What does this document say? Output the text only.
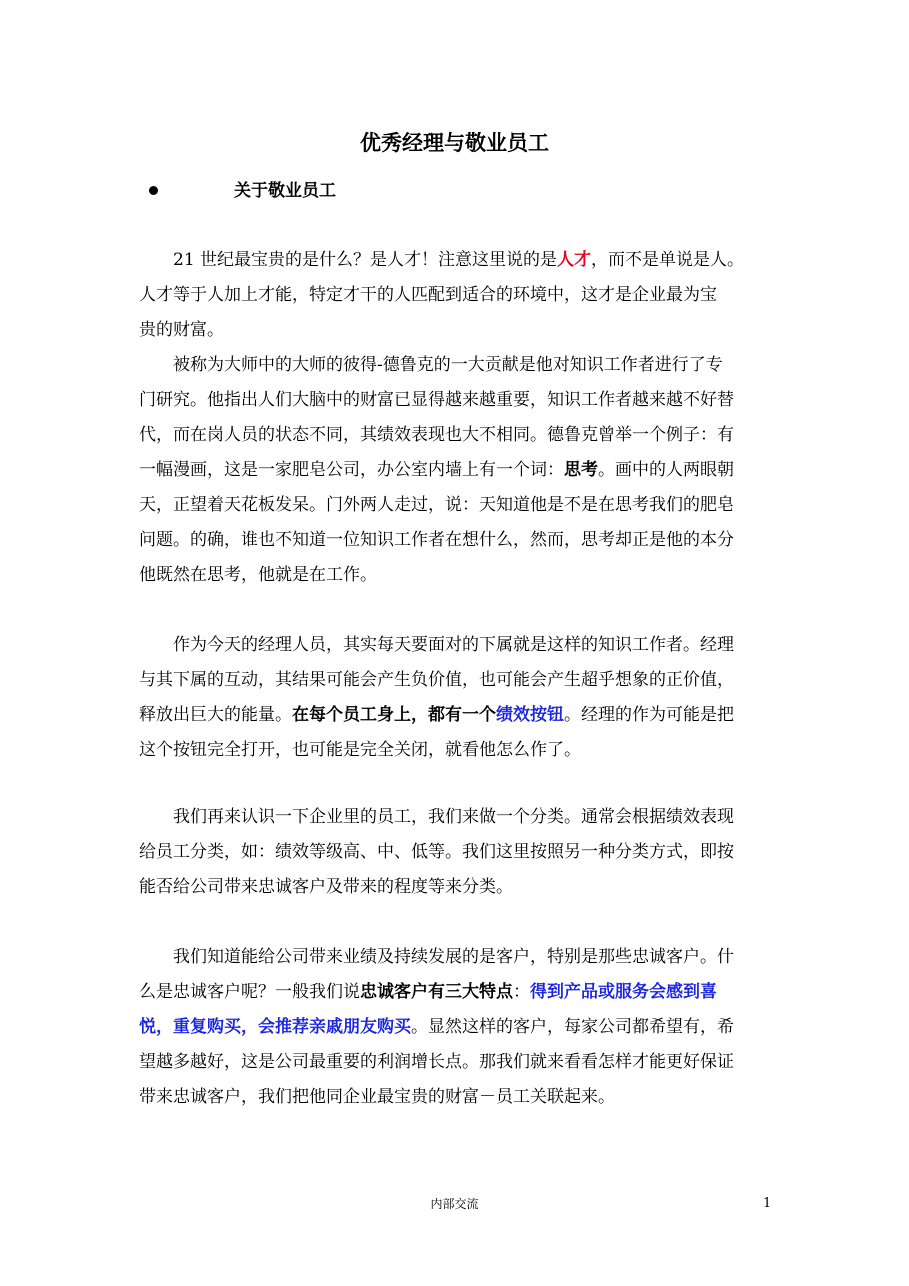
优秀经理与敬业员工
关于敬业员工
21 世纪最宝贵的是什么？是人才！注意这里说的是人才，而不是单说是人。
人才等于人加上才能，特定才干的人匹配到适合的环境中，这才是企业最为宝
贵的财富。
被称为大师中的大师的彼得-德鲁克的一大贡献是他对知识工作者进行了专
门研究。他指出人们大脑中的财富已显得越来越重要，知识工作者越来越不好替
代，而在岗人员的状态不同，其绩效表现也大不相同。德鲁克曾举一个例子：有
一幅漫画，这是一家肥皂公司，办公室内墙上有一个词：思考。画中的人两眼朝
天，正望着天花板发呆。门外两人走过，说：天知道他是不是在思考我们的肥皂
问题。的确，谁也不知道一位知识工作者在想什么，然而，思考却正是他的本分
他既然在思考，他就是在工作。
作为今天的经理人员，其实每天要面对的下属就是这样的知识工作者。经理
与其下属的互动，其结果可能会产生负价值，也可能会产生超乎想象的正价值，
释放出巨大的能量。在每个员工身上，都有一个绩效按钮。经理的作为可能是把
这个按钮完全打开，也可能是完全关闭，就看他怎么作了。
我们再来认识一下企业里的员工，我们来做一个分类。通常会根据绩效表现
给员工分类，如：绩效等级高、中、低等。我们这里按照另一种分类方式，即按
能否给公司带来忠诚客户及带来的程度等来分类。
我们知道能给公司带来业绩及持续发展的是客户，特别是那些忠诚客户。什
么是忠诚客户呢？一般我们说忠诚客户有三大特点：得到产品或服务会感到喜
悦，重复购买，会推荐亲戚朋友购买。显然这样的客户，每家公司都希望有，希
望越多越好，这是公司最重要的利润增长点。那我们就来看看怎样才能更好保证
带来忠诚客户，我们把他同企业最宝贵的财富－员工关联起来。
内部交流	1
